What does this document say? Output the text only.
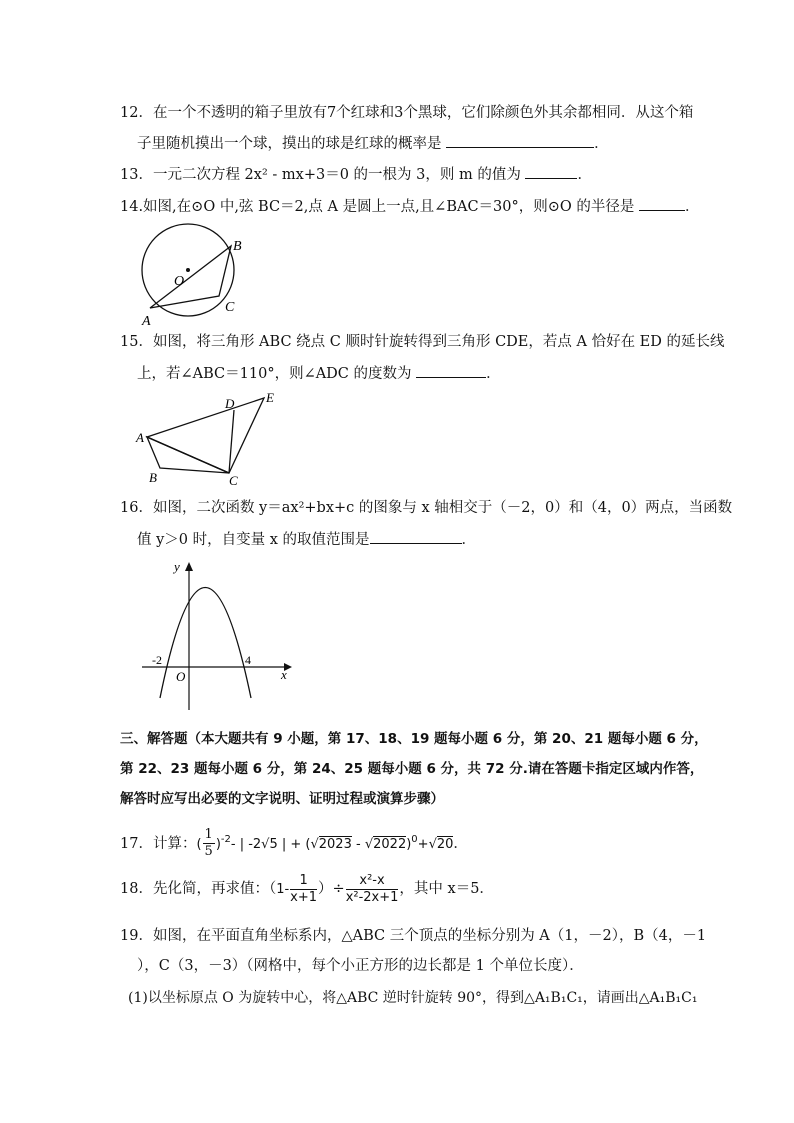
12．在一个不透明的箱子里放有7个红球和3个黑球，它们除颜色外其余都相同．从这个箱
子里随机摸出一个球，摸出的球是红球的概率是	．
13．一元二次方程 2x² - mx+3＝0 的一根为 3，则 m 的值为	．
14.如图,在⊙O 中,弦 BC＝2,点 A 是圆上一点,且∠BAC＝30°，则⊙O 的半径是	．
O
B
C
A
15．如图，将三角形 ABC 绕点 C 顺时针旋转得到三角形 CDE，若点 A 恰好在 ED 的延长线
上，若∠ABC＝110°，则∠ADC 的度数为	．
A
B	C
D E
16．如图，二次函数 y＝ax²+bx+c 的图象与 x 轴相交于（－2，0）和（4，0）两点，当函数
值 y＞0 时，自变量 x 的取值范围是	．
y
x
O
-2	4
三、解答题（本大题共有 9 小题，第 17、18、19 题每小题 6 分，第 20、21 题每小题 6 分，
第 22、23 题每小题 6 分，第 24、25 题每小题 6 分，共 72 分.请在答题卡指定区域内作答，
解答时应写出必要的文字说明、证明过程或演算步骤）
17．计算：( $\frac{1}{5} )^{-2}-$ | -2√5 | + (√2023 - √2022)$^0$+√20．
18．先化简，再求值：（$1- \frac{1}{x+1}$ ）÷ $\frac{\text{x²-x}}{\text{x²-2x+1}}$ ，其中 x＝5．
19．如图，在平面直角坐标系内，△ABC 三个顶点的坐标分别为 A（1，－2），B（4，－1
），C（3，－3）（网格中，每个小正方形的边长都是 1 个单位长度）．
(1)以坐标原点 O 为旋转中心，将△ABC 逆时针旋转 90°，得到△A₁B₁C₁，请画出△A₁B₁C₁
